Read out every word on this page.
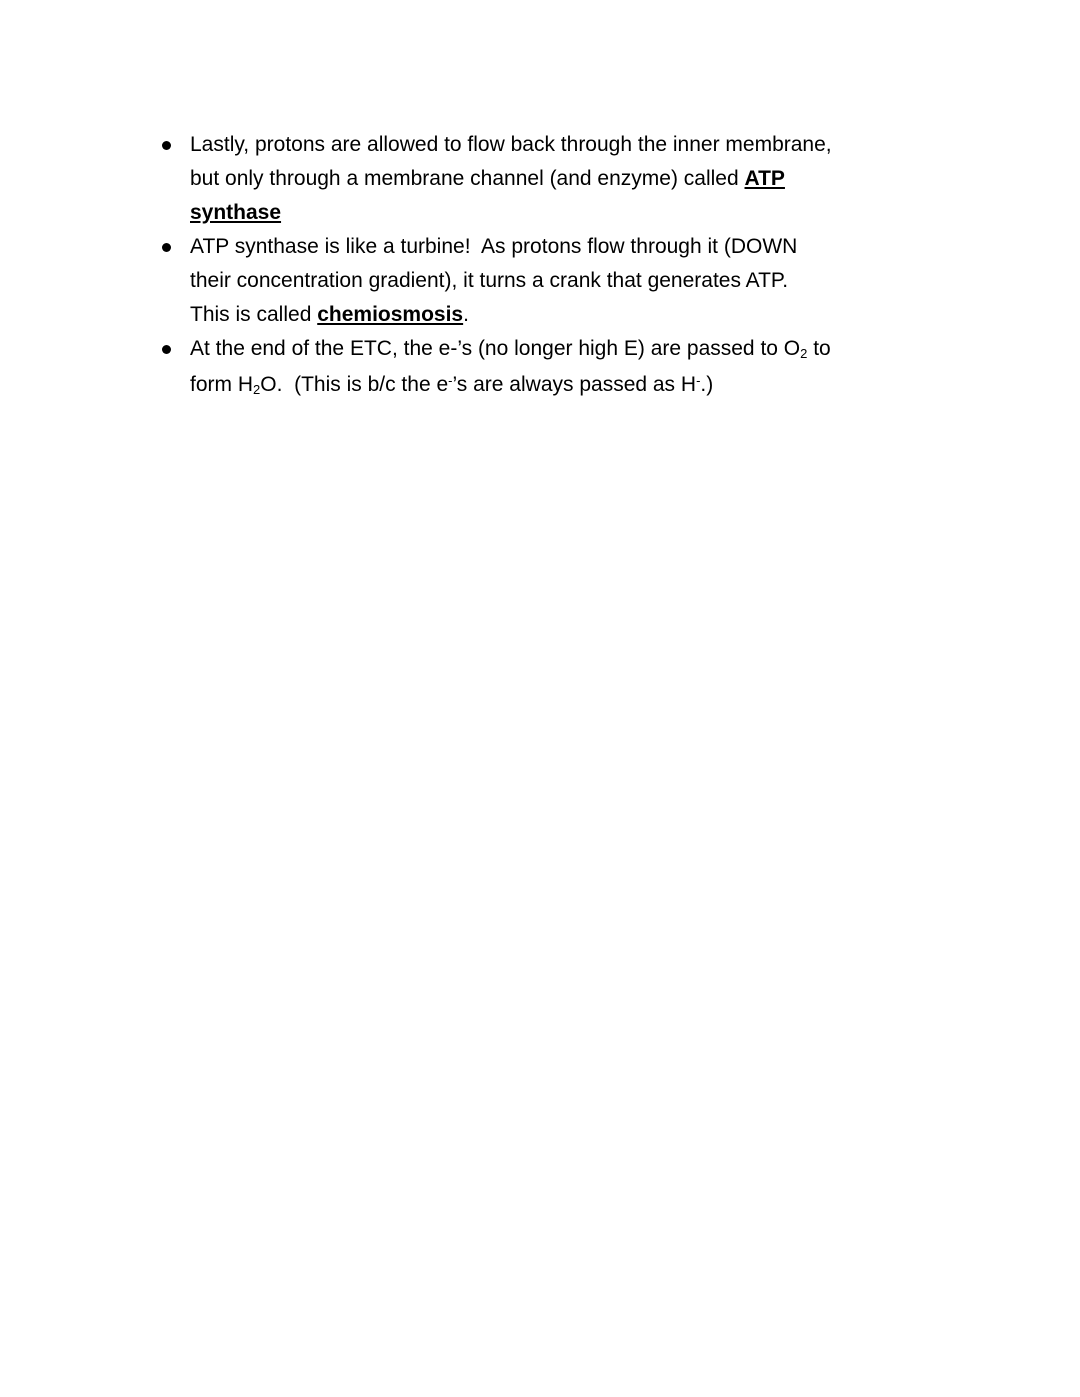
Lastly, protons are allowed to flow back through the inner membrane,
but only through a membrane channel (and enzyme) called ATP
synthase
ATP synthase is like a turbine!  As protons flow through it (DOWN
their concentration gradient), it turns a crank that generates ATP.
This is called chemiosmosis.
At the end of the ETC, the e-’s (no longer high E) are passed to O2 to
form H2O.  (This is b/c the e-’s are always passed as H-.)
